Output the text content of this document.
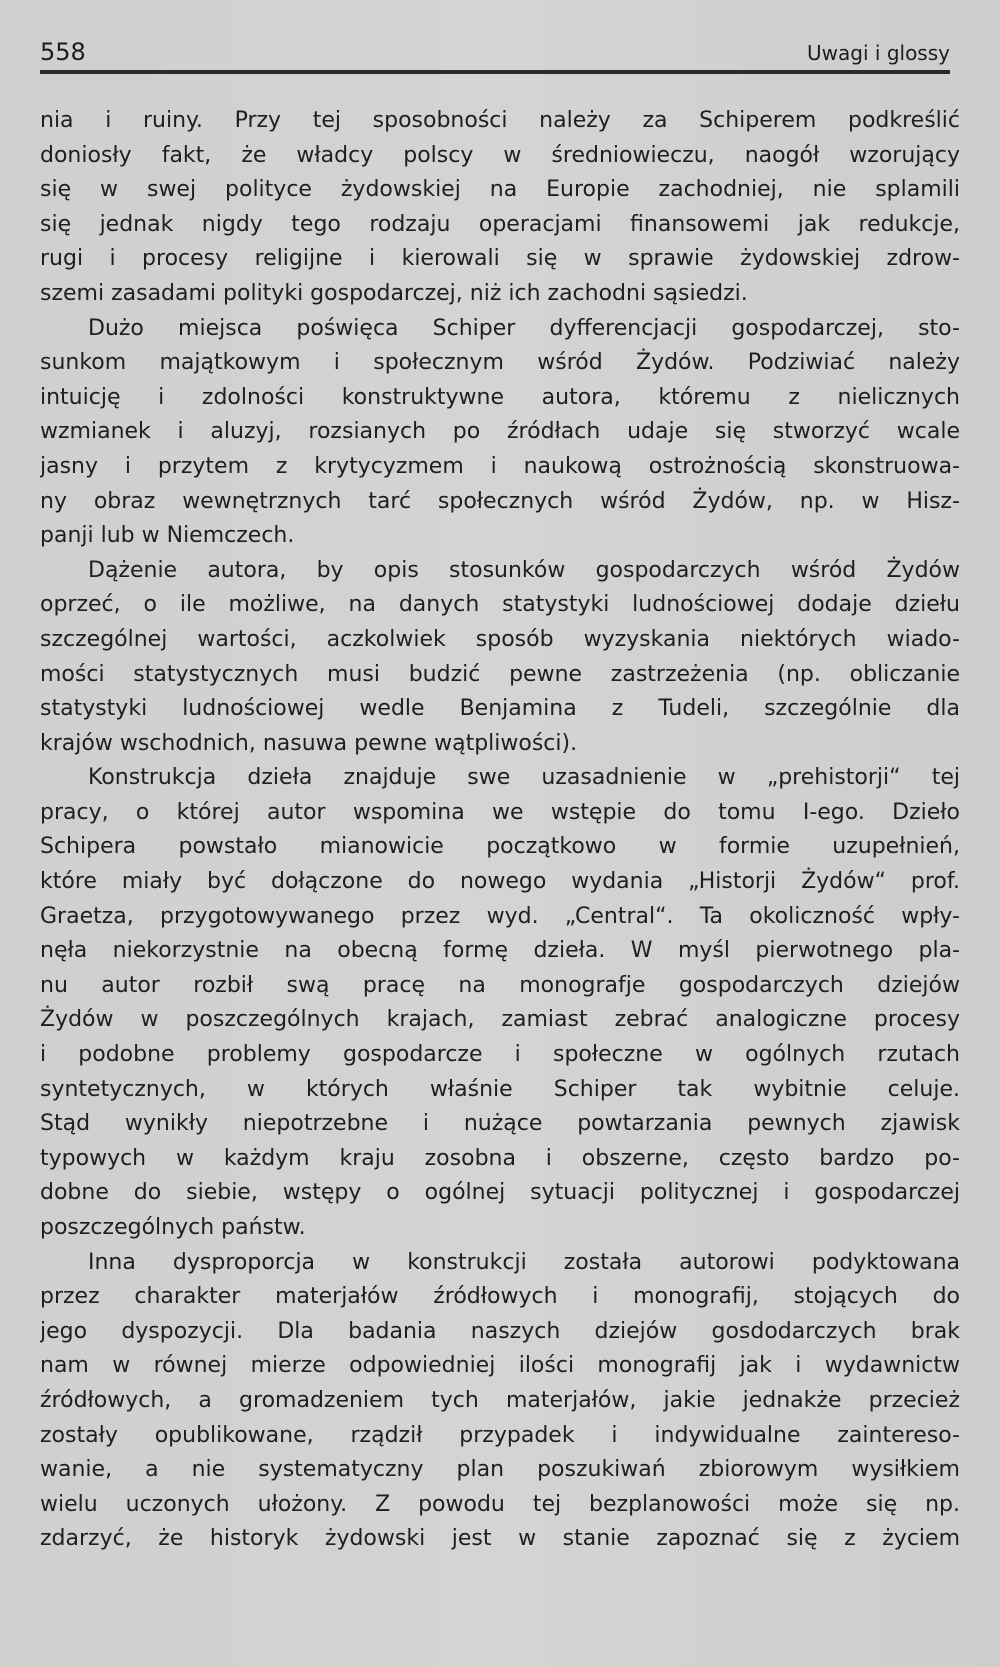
558	Uwagi i glossy
nia i ruiny. Przy tej sposobności należy za Schiperem podkreślić
doniosły fakt, że władcy polscy w średniowieczu, naogół wzorujący
się w swej polityce żydowskiej na Europie zachodniej, nie splamili
się jednak nigdy tego rodzaju operacjami finansowemi jak redukcje,
rugi i procesy religijne i kierowali się w sprawie żydowskiej zdrow-
szemi zasadami polityki gospodarczej, niż ich zachodni sąsiedzi.
Dużo miejsca poświęca Schiper dyfferencjacji gospodarczej, sto-
sunkom majątkowym i społecznym wśród Żydów. Podziwiać należy
intuicję i zdolności konstruktywne autora, któremu z nielicznych
wzmianek i aluzyj, rozsianych po źródłach udaje się stworzyć wcale
jasny i przytem z krytycyzmem i naukową ostrożnością skonstruowa-
ny obraz wewnętrznych tarć społecznych wśród Żydów, np. w Hisz-
panji lub w Niemczech.
Dążenie autora, by opis stosunków gospodarczych wśród Żydów
oprzeć, o ile możliwe, na danych statystyki ludnościowej dodaje dziełu
szczególnej wartości, aczkolwiek sposób wyzyskania niektórych wiado-
mości statystycznych musi budzić pewne zastrzeżenia (np. obliczanie
statystyki ludnościowej wedle Benjamina z Tudeli, szczególnie dla
krajów wschodnich, nasuwa pewne wątpliwości).
Konstrukcja dzieła znajduje swe uzasadnienie w „prehistorji“ tej
pracy, o której autor wspomina we wstępie do tomu I-ego. Dzieło
Schipera powstało mianowicie początkowo w formie uzupełnień,
które miały być dołączone do nowego wydania „Historji Żydów“ prof.
Graetza, przygotowywanego przez wyd. „Central“. Ta okoliczność wpły-
nęła niekorzystnie na obecną formę dzieła. W myśl pierwotnego pla-
nu autor rozbił swą pracę na monografje gospodarczych dziejów
Żydów w poszczególnych krajach, zamiast zebrać analogiczne procesy
i podobne problemy gospodarcze i społeczne w ogólnych rzutach
syntetycznych, w których właśnie Schiper tak wybitnie celuje.
Stąd wynikły niepotrzebne i nużące powtarzania pewnych zjawisk
typowych w każdym kraju zosobna i obszerne, często bardzo po-
dobne do siebie, wstępy o ogólnej sytuacji politycznej i gospodarczej
poszczególnych państw.
Inna dysproporcja w konstrukcji została autorowi podyktowana
przez charakter materjałów źródłowych i monografij, stojących do
jego dyspozycji. Dla badania naszych dziejów gosdodarczych brak
nam w równej mierze odpowiedniej ilości monografij jak i wydawnictw
źródłowych, a gromadzeniem tych materjałów, jakie jednakże przecież
zostały opublikowane, rządził przypadek i indywidualne zaintereso-
wanie, a nie systematyczny plan poszukiwań zbiorowym wysiłkiem
wielu uczonych ułożony. Z powodu tej bezplanowości może się np.
zdarzyć, że historyk żydowski jest w stanie zapoznać się z życiem
